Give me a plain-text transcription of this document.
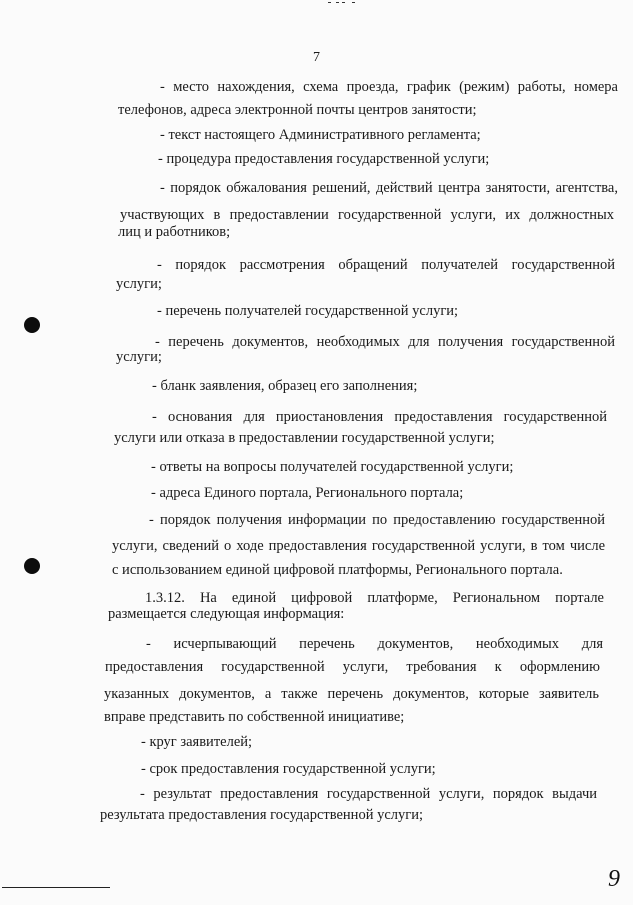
7
- место нахождения, схема проезда, график (режим) работы, номера
телефонов, адреса электронной почты центров занятости;
- текст настоящего Административного регламента;
- процедура предоставления государственной услуги;
- порядок обжалования решений, действий центра занятости, агентства,
участвующих в предоставлении государственной услуги, их должностных
лиц и работников;
- порядок рассмотрения обращений получателей государственной
услуги;
- перечень получателей государственной услуги;
- перечень документов, необходимых для получения государственной
услуги;
- бланк заявления, образец его заполнения;
- основания для приостановления предоставления государственной
услуги или отказа в предоставлении государственной услуги;
- ответы на вопросы получателей государственной услуги;
- адреса Единого портала, Регионального портала;
- порядок получения информации по предоставлению государственной
услуги, сведений о ходе предоставления государственной услуги, в том числе
с использованием единой цифровой платформы, Регионального портала.
1.3.12. На единой цифровой платформе, Региональном портале
размещается следующая информация:
- исчерпывающий перечень документов, необходимых для
предоставления государственной услуги, требования к оформлению
указанных документов, а также перечень документов, которые заявитель
вправе представить по собственной инициативе;
- круг заявителей;
- срок предоставления государственной услуги;
- результат предоставления государственной услуги, порядок выдачи
результата предоставления государственной услуги;
9
